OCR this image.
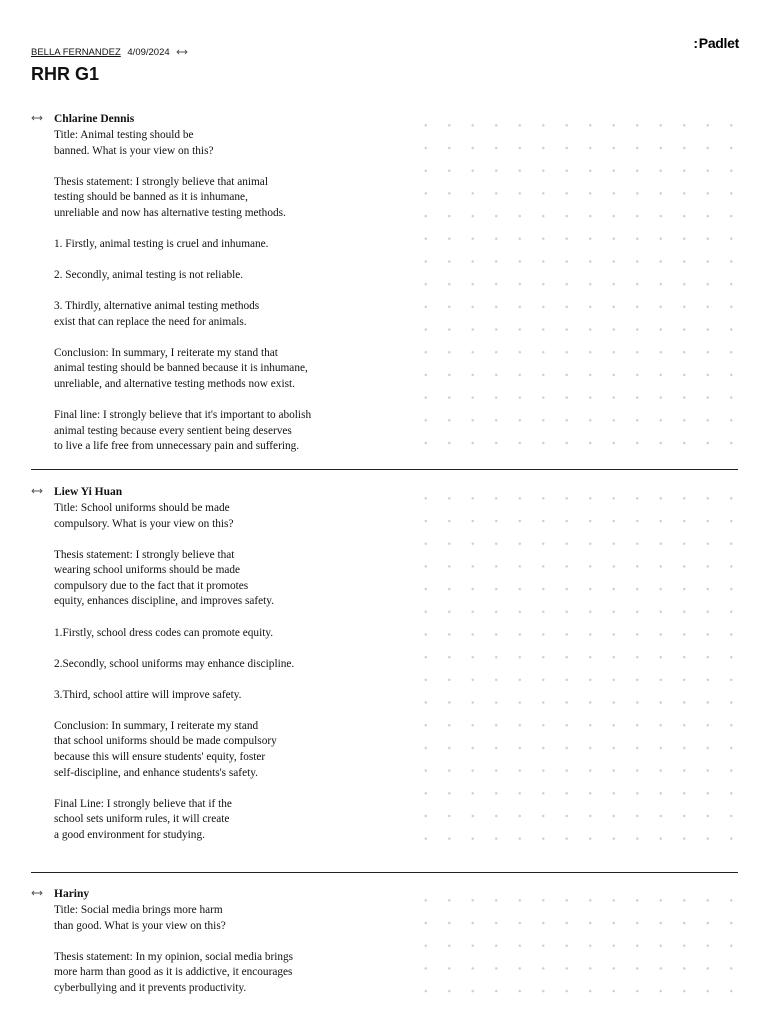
BELLA FERNANDEZ 4/09/2024
RHR G1
:Padlet
Chlarine Dennis
Title: Animal testing should be
banned. What is your view on this?
Thesis statement: I strongly believe that animal
testing should be banned as it is inhumane,
unreliable and now has alternative testing methods.
1. Firstly, animal testing is cruel and inhumane.
2. Secondly, animal testing is not reliable.
3. Thirdly, alternative animal testing methods
exist that can replace the need for animals.
Conclusion: In summary, I reiterate my stand that
animal testing should be banned because it is inhumane,
unreliable, and alternative testing methods now exist.
Final line: I strongly believe that it's important to abolish
animal testing because every sentient being deserves
to live a life free from unnecessary pain and suffering.
Liew Yi Huan
Title: School uniforms should be made
compulsory. What is your view on this?
Thesis statement: I strongly believe that
wearing school uniforms should be made
compulsory due to the fact that it promotes
equity, enhances discipline, and improves safety.
1.Firstly, school dress codes can promote equity.
2.Secondly, school uniforms may enhance discipline.
3.Third, school attire will improve safety.
Conclusion: In summary, I reiterate my stand
that school uniforms should be made compulsory
because this will ensure students' equity, foster
self-discipline, and enhance students's safety.
Final Line: I strongly believe that if the
school sets uniform rules, it will create
a good environment for studying.
Hariny
Title: Social media brings more harm
than good. What is your view on this?
Thesis statement: In my opinion, social media brings
more harm than good as it is addictive, it encourages
cyberbullying and it prevents productivity.
